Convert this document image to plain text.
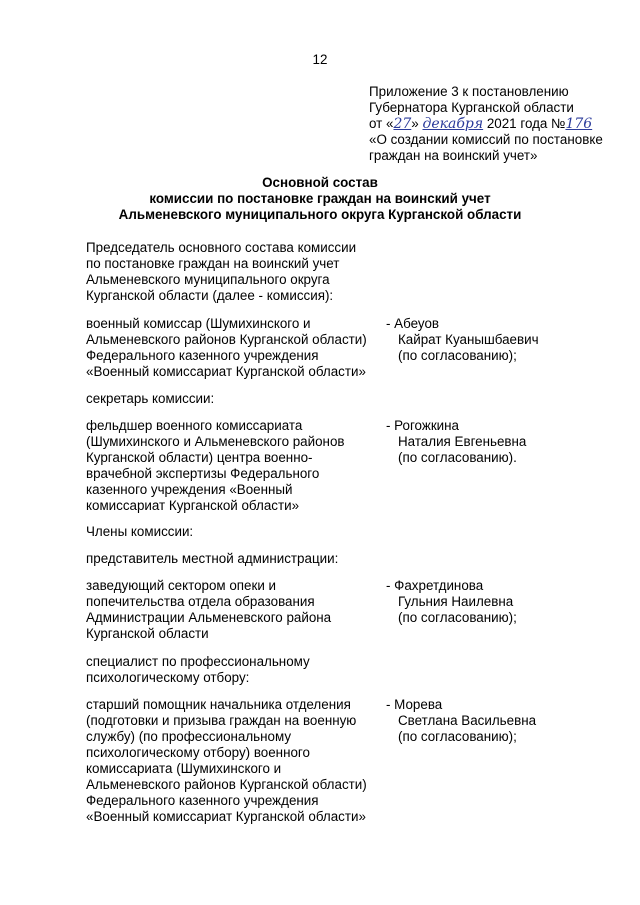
12
Приложение 3 к постановлению
Губернатора Курганской области
от «27» декабря 2021 года №176
«О создании комиссий по постановке
граждан на воинский учет»
Основной состав
комиссии по постановке граждан на воинский учет
Альменевского муниципального округа Курганской области
Председатель основного состава комиссии
по постановке граждан на воинский учет
Альменевского муниципального округа
Курганской области (далее - комиссия):
военный комиссар (Шумихинского и
Альменевского районов Курганской области)
Федерального казенного учреждения
«Военный комиссариат Курганской области»
- Абеуов
Кайрат Куанышбаевич
(по согласованию);
секретарь комиссии:
фельдшер военного комиссариата
(Шумихинского и Альменевского районов
Курганской области) центра военно-
врачебной экспертизы Федерального
казенного учреждения «Военный
комиссариат Курганской области»
- Рогожкина
Наталия Евгеньевна
(по согласованию).
Члены комиссии:
представитель местной администрации:
заведующий сектором опеки и
попечительства отдела образования
Администрации Альменевского района
Курганской области
- Фахретдинова
Гульния Наилевна
(по согласованию);
специалист по профессиональному
психологическому отбору:
старший помощник начальника отделения
(подготовки и призыва граждан на военную
службу) (по профессиональному
психологическому отбору) военного
комиссариата (Шумихинского и
Альменевского районов Курганской области)
Федерального казенного учреждения
«Военный комиссариат Курганской области»
- Морева
Светлана Васильевна
(по согласованию);
